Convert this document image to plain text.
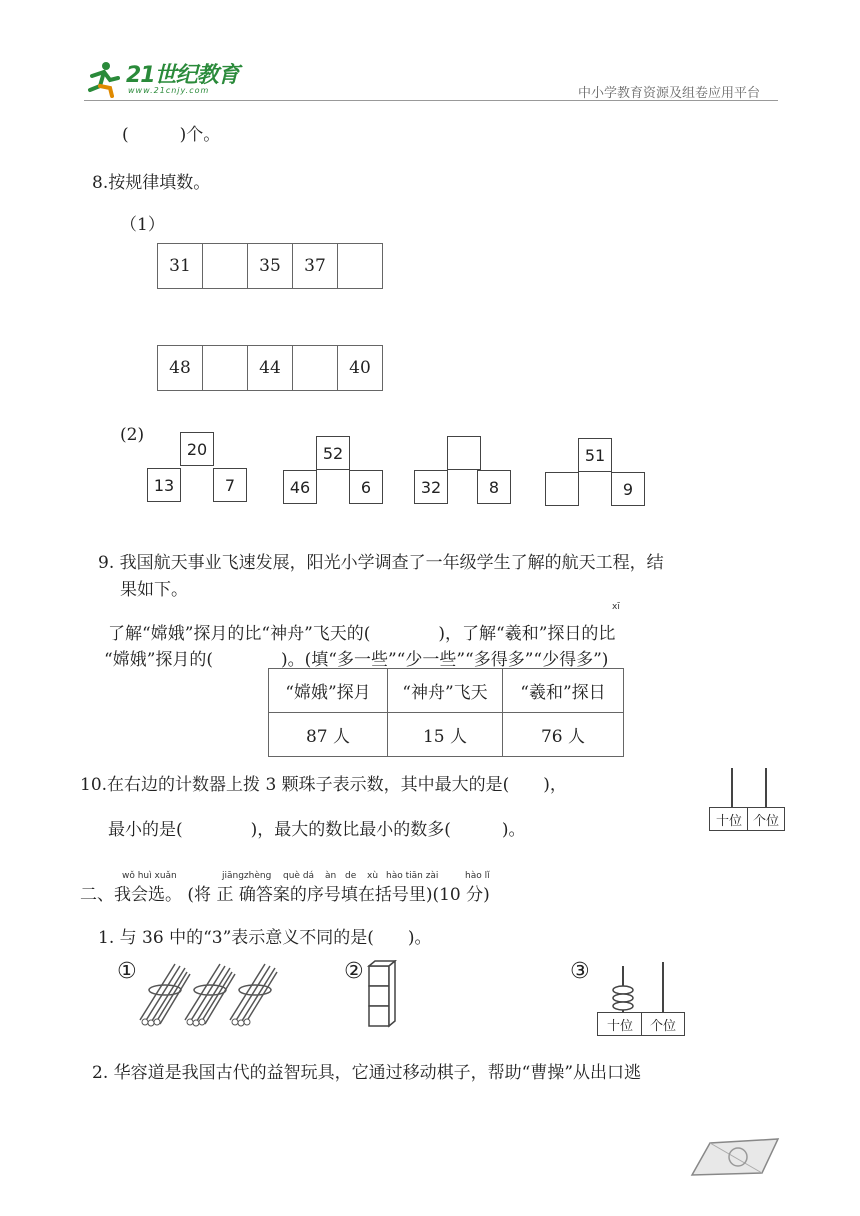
21世纪教育
www.21cnjy.com	中小学教育资源及组卷应用平台
(　　　)个。
8.按规律填数。
（1）
31		35	37	
48		44		40
(2)
20
13	7
52
46	6	32	8
51
9
9. 我国航天事业飞速发展，阳光小学调查了一年级学生了解的航天工程，结
果如下。
xī
了解“嫦娥”探月的比“神舟”飞天的(　　　　)，了解“羲和”探日的比
“嫦娥”探月的(　　　　)。(填“多一些”“少一些”“多得多”“少得多”)
“嫦娥”探月	“神舟”飞天	“羲和”探日
87 人	15 人	76 人
10.在右边的计数器上拨 3 颗珠子表示数，其中最大的是(　　)，
最小的是(　　　　)，最大的数比最小的数多(　　　)。	十位 个位
wǒ huì xuǎn	jiāngzhèng què dá àn de xù hào tiān zài	hào lǐ
二、我会选。 (将 正 确答案的序号填在括号里)(10 分)
1. 与 36 中的“3”表示意义不同的是(　　)。
①	②	③
十位	个位
2. 华容道是我国古代的益智玩具，它通过移动棋子，帮助“曹操”从出口逃
